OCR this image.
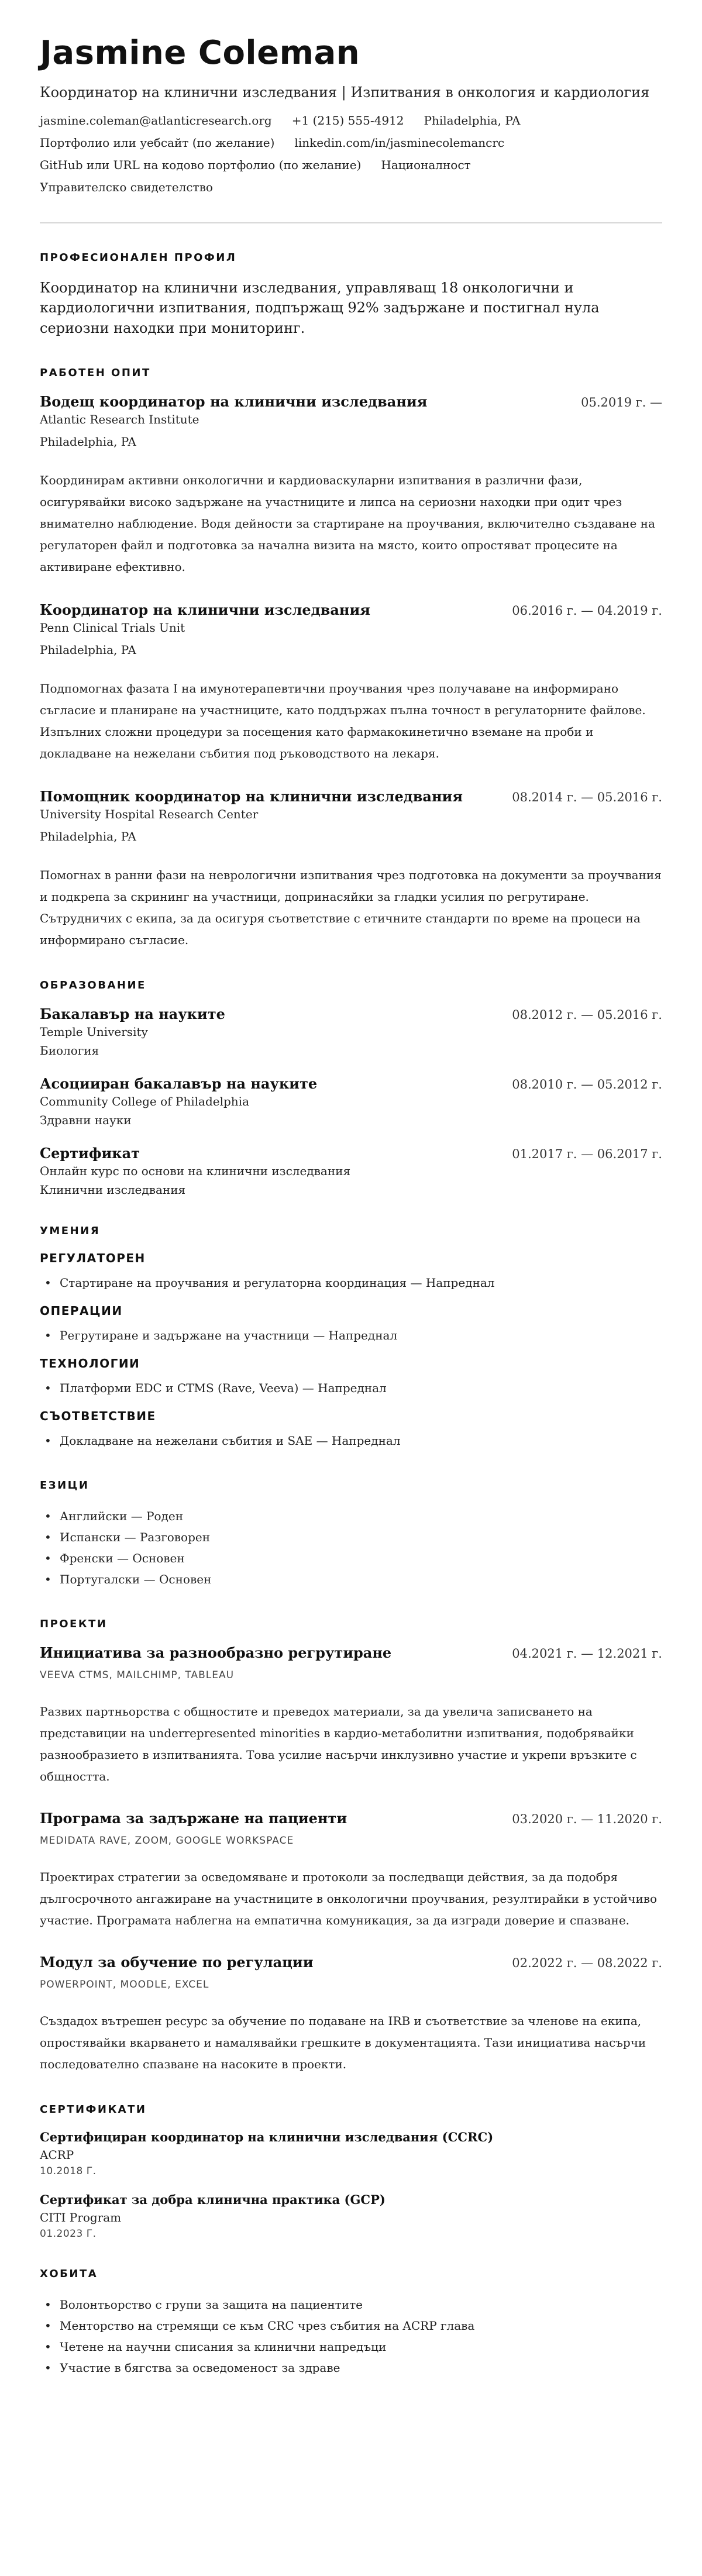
Jasmine Coleman
Координатор на клинични изследвания | Изпитвания в онкология и кардиология
jasmine.coleman@atlanticresearch.org +1 (215) 555-4912 Philadelphia, PA
Портфолио или уебсайт (по желание) linkedin.com/in/jasminecolemancrc
GitHub или URL на кодово портфолио (по желание) Националност
Управителско свидетелство
ПРОФЕСИОНАЛЕН ПРОФИЛ
Координатор на клинични изследвания, управляващ 18 онкологични и кардиологични изпитвания, подпържащ 92% задържане и постигнал нула сериозни находки при мониторинг.
РАБОТЕН ОПИТ
Водещ координатор на клинични изследвания	05.2019 г. —
Atlantic Research Institute
Philadelphia, PA
Координирам активни онкологични и кардиоваскуларни изпитвания в различни фази, осигурявайки високо задържане на участниците и липса на сериозни находки при одит чрез внимателно наблюдение. Водя дейности за стартиране на проучвания, включително създаване на регулаторен файл и подготовка за начална визита на място, които опростяват процесите на активиране ефективно.
Координатор на клинични изследвания	06.2016 г. — 04.2019 г.
Penn Clinical Trials Unit
Philadelphia, PA
Подпомогнах фазата I на имунотерапевтични проучвания чрез получаване на информирано съгласие и планиране на участниците, като поддържах пълна точност в регулаторните файлове. Изпълних сложни процедури за посещения като фармакокинетично вземане на проби и докладване на нежелани събития под ръководството на лекаря.
Помощник координатор на клинични изследвания	08.2014 г. — 05.2016 г.
University Hospital Research Center
Philadelphia, PA
Помогнах в ранни фази на неврологични изпитвания чрез подготовка на документи за проучвания и подкрепа за скрининг на участници, допринасяйки за гладки усилия по регрутиране. Сътрудничих с екипа, за да осигуря съответствие с етичните стандарти по време на процеси на информирано съгласие.
ОБРАЗОВАНИЕ
Бакалавър на науките	08.2012 г. — 05.2016 г.
Temple University
Биология
Асоцииран бакалавър на науките	08.2010 г. — 05.2012 г.
Community College of Philadelphia
Здравни науки
Сертификат	01.2017 г. — 06.2017 г.
Онлайн курс по основи на клинични изследвания
Клинични изследвания
УМЕНИЯ
РЕГУЛАТОРЕН
• Стартиране на проучвания и регулаторна координация — Напреднал
ОПЕРАЦИИ
• Регрутиране и задържане на участници — Напреднал
ТЕХНОЛОГИИ
• Платформи EDC и CTMS (Rave, Veeva) — Напреднал
СЪОТВЕТСТВИЕ
• Докладване на нежелани събития и SAE — Напреднал
ЕЗИЦИ
• Английски — Роден
• Испански — Разговорен
• Френски — Основен
• Португалски — Основен
ПРОЕКТИ
Инициатива за разнообразно регрутиране	04.2021 г. — 12.2021 г.
VEEVA CTMS, MAILCHIMP, TABLEAU
Развих партньорства с общностите и преведох материали, за да увелича записването на представиции на underrepresented minorities в кардио-метаболитни изпитвания, подобрявайки разнообразието в изпитванията. Това усилие насърчи инклузивно участие и укрепи връзките с общността.
Програма за задържане на пациенти	03.2020 г. — 11.2020 г.
MEDIDATA RAVE, ZOOM, GOOGLE WORKSPACE
Проектирах стратегии за осведомяване и протоколи за последващи действия, за да подобря дългосрочното ангажиране на участниците в онкологични проучвания, резултирайки в устойчиво участие. Програмата наблегна на емпатична комуникация, за да изгради доверие и спазване.
Модул за обучение по регулации	02.2022 г. — 08.2022 г.
POWERPOINT, MOODLE, EXCEL
Създадох вътрешен ресурс за обучение по подаване на IRB и съответствие за членове на екипа, опростявайки вкарването и намалявайки грешките в документацията. Тази инициатива насърчи последователно спазване на насоките в проекти.
СЕРТИФИКАТИ
Сертифициран координатор на клинични изследвания (CCRC)
ACRP
10.2018 Г.
Сертификат за добра клинична практика (GCP)
CITI Program
01.2023 Г.
ХОБИТА
• Волонтьорство с групи за защита на пациентите
• Менторство на стремящи се към CRC чрез събития на ACRP глава
• Четене на научни списания за клинични напредъци
• Участие в бягства за осведоменост за здраве
